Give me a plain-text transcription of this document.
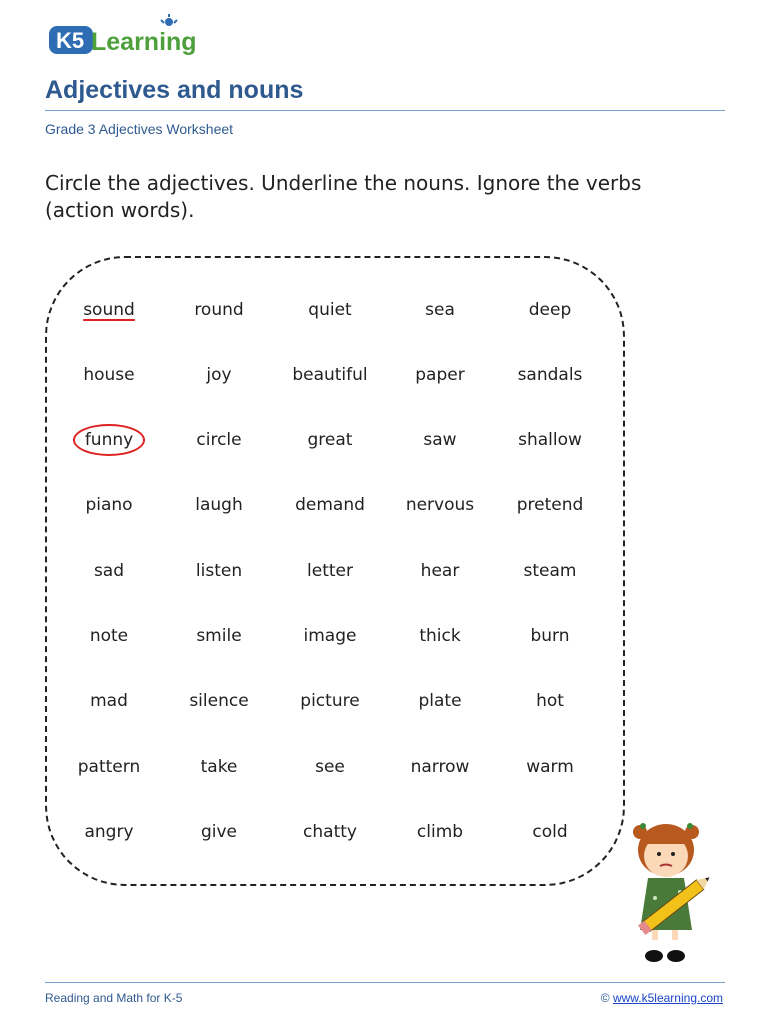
K5 Learning
Adjectives and nouns
Grade 3 Adjectives Worksheet
Circle the adjectives. Underline the nouns. Ignore the verbs (action words).
sound	round	quiet	sea	deep
house	joy	beautiful	paper	sandals
funny	circle	great	saw	shallow
piano	laugh	demand	nervous	pretend
sad	listen	letter	hear	steam
note	smile	image	thick	burn
mad	silence	picture	plate	hot
pattern	take	see	narrow	warm
angry	give	chatty	climb	cold
Reading and Math for K-5	© www.k5learning.com
